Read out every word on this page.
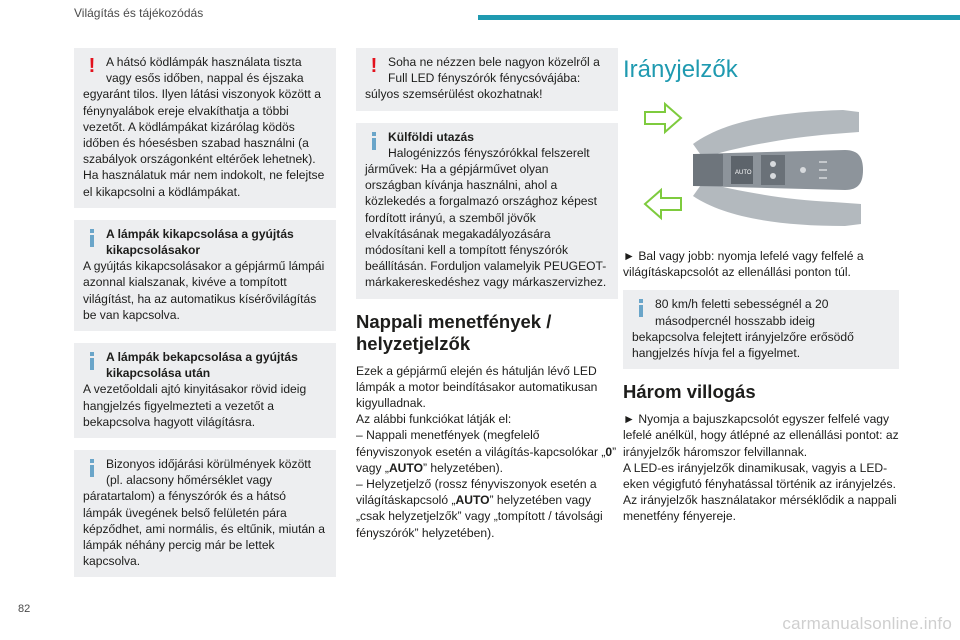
Világítás és tájékozódás
! A hátsó ködlámpák használata tiszta vagy esős időben, nappal és éjszaka
egyaránt tilos. Ilyen látási viszonyok között a fénynyalábok ereje elvakíthatja a többi vezetőt. A ködlámpákat kizárólag ködös időben és hóesésben szabad használni (a szabályok országonként eltérőek lehetnek). Ha használatuk már nem indokolt, ne felejtse el kikapcsolni a ködlámpákat.
A lámpák kikapcsolása a gyújtás kikapcsolásakor
A gyújtás kikapcsolásakor a gépjármű lámpái azonnal kialszanak, kivéve a tompított világítást, ha az automatikus kísérővilágítás be van kapcsolva.
A lámpák bekapcsolása a gyújtás kikapcsolása után
A vezetőoldali ajtó kinyitásakor rövid ideig hangjelzés figyelmezteti a vezetőt a bekapcsolva hagyott világításra.
Bizonyos időjárási körülmények között (pl. alacsony hőmérséklet vagy
páratartalom) a fényszórók és a hátsó lámpák üvegének belső felületén pára képződhet, ami normális, és eltűnik, miután a lámpák néhány percig már be lettek kapcsolva.
! Soha ne nézzen bele nagyon közelről a Full LED fényszórók fénycsóvájába:
súlyos szemsérülést okozhatnak!
Külföldi utazás
Halogénizzós fényszórókkal felszerelt
járművek: Ha a gépjárművet olyan országban kívánja használni, ahol a közlekedés a forgalmazó országhoz képest fordított irányú, a szemből jövők elvakításának megakadályozására módosítani kell a tompított fényszórók beállításán. Forduljon valamelyik PEUGEOT-márkakereskedéshez vagy márkaszervizhez.
Nappali menetfények / helyzetjelzők
Ezek a gépjármű elején és hátulján lévő LED lámpák a motor beindításakor automatikusan kigyulladnak.
Az alábbi funkciókat látják el:
– Nappali menetfények (megfelelő fényviszonyok esetén a világítás-kapcsolókar „0” vagy „AUTO” helyzetében).
– Helyzetjelző (rossz fényviszonyok esetén a világításkapcsoló „AUTO” helyzetében vagy „csak helyzetjelzők” vagy „tompított / távolsági fényszórók” helyzetében).
Irányjelzők
AUTO
► Bal vagy jobb: nyomja lefelé vagy felfelé a világításkapcsolót az ellenállási ponton túl.
80 km/h feletti sebességnél a 20 másodpercnél hosszabb ideig
bekapcsolva felejtett irányjelzőre erősödő hangjelzés hívja fel a figyelmet.
Három villogás
► Nyomja a bajuszkapcsolót egyszer felfelé vagy lefelé anélkül, hogy átlépné az ellenállási pontot: az irányjelzők háromszor felvillannak.
A LED-es irányjelzők dinamikusak, vagyis a LED-eken végigfutó fényhatással történik az irányjelzés.
Az irányjelzők használatakor mérséklődik a nappali menetfény fényereje.
82
carmanualsonline.info
